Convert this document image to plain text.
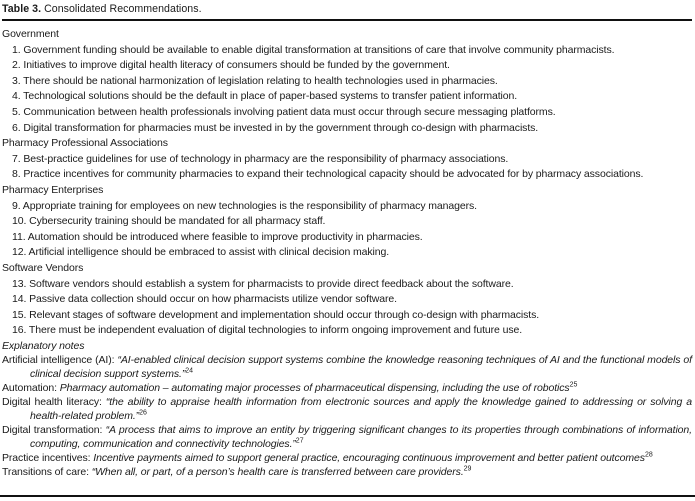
Table 3. Consolidated Recommendations.
Government
1. Government funding should be available to enable digital transformation at transitions of care that involve community pharmacists.
2. Initiatives to improve digital health literacy of consumers should be funded by the government.
3. There should be national harmonization of legislation relating to health technologies used in pharmacies.
4. Technological solutions should be the default in place of paper-based systems to transfer patient information.
5. Communication between health professionals involving patient data must occur through secure messaging platforms.
6. Digital transformation for pharmacies must be invested in by the government through co-design with pharmacists.
Pharmacy Professional Associations
7. Best-practice guidelines for use of technology in pharmacy are the responsibility of pharmacy associations.
8. Practice incentives for community pharmacies to expand their technological capacity should be advocated for by pharmacy associations.
Pharmacy Enterprises
9. Appropriate training for employees on new technologies is the responsibility of pharmacy managers.
10. Cybersecurity training should be mandated for all pharmacy staff.
11. Automation should be introduced where feasible to improve productivity in pharmacies.
12. Artificial intelligence should be embraced to assist with clinical decision making.
Software Vendors
13. Software vendors should establish a system for pharmacists to provide direct feedback about the software.
14. Passive data collection should occur on how pharmacists utilize vendor software.
15. Relevant stages of software development and implementation should occur through co-design with pharmacists.
16. There must be independent evaluation of digital technologies to inform ongoing improvement and future use.
Explanatory notes
Artificial intelligence (AI): “AI-enabled clinical decision support systems combine the knowledge reasoning techniques of AI and the functional models of clinical decision support systems.”$^{24}$
Automation: Pharmacy automation – automating major processes of pharmaceutical dispensing, including the use of robotics$^{25}$
Digital health literacy: “the ability to appraise health information from electronic sources and apply the knowledge gained to addressing or solving a health-related problem.”$^{26}$
Digital transformation: “A process that aims to improve an entity by triggering significant changes to its properties through combinations of information, computing, communication and connectivity technologies.”$^{27}$
Practice incentives: Incentive payments aimed to support general practice, encouraging continuous improvement and better patient outcomes$^{28}$
Transitions of care: “When all, or part, of a person’s health care is transferred between care providers.$^{29}$
